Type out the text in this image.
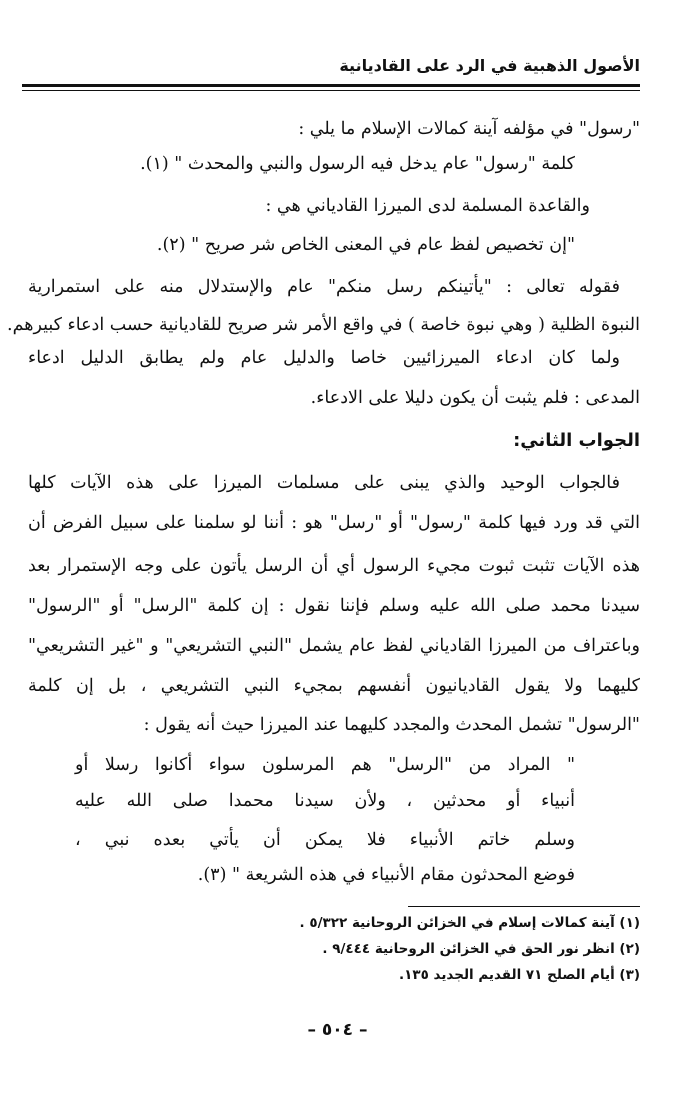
الأصول الذهبية في الرد على القاديانية
"رسول" في مؤلفه آينة كمالات الإسلام ما يلي :
كلمة "رسول" عام يدخل فيه الرسول والنبي والمحدث " (١).
والقاعدة المسلمة لدى الميرزا القادياني هي :
"إن تخصيص لفظ عام في المعنى الخاص شر صريح " (٢).
فقوله تعالى : "يأتينكم رسل منكم" عام والإستدلال منه على استمرارية
النبوة الظلية ( وهي نبوة خاصة ) في واقع الأمر شر صريح للقاديانية حسب ادعاء كبيرهم.
ولما كان ادعاء الميرزائيين خاصا والدليل عام ولم يطابق الدليل ادعاء
المدعى : فلم يثبت أن يكون دليلا على الادعاء.
الجواب الثاني:
فالجواب الوحيد والذي يبنى على مسلمات الميرزا على هذه الآيات كلها
التي قد ورد فيها كلمة "رسول" أو "رسل" هو : أننا لو سلمنا على سبيل الفرض أن
هذه الآيات تثبت ثبوت مجيء الرسول أي أن الرسل يأتون على وجه الإستمرار بعد
سيدنا محمد صلى الله عليه وسلم فإننا نقول : إن كلمة "الرسل" أو "الرسول"
وباعتراف من الميرزا القادياني لفظ عام يشمل "النبي التشريعي" و "غير التشريعي"
كليهما ولا يقول القاديانيون أنفسهم بمجيء النبي التشريعي ، بل إن كلمة
"الرسول" تشمل المحدث والمجدد كليهما عند الميرزا حيث أنه يقول :
" المراد من "الرسل" هم المرسلون سواء أكانوا رسلا أو
أنبياء أو محدثين ، ولأن سيدنا محمدا صلى الله عليه
وسلم خاتم الأنبياء فلا يمكن أن يأتي بعده نبي ،
فوضع المحدثون مقام الأنبياء في هذه الشريعة " (٣).
(١) آينة كمالات إسلام في الخزائن الروحانية ٥/٣٢٢ .
(٢) انظر نور الحق في الخزائن الروحانية ٩/٤٤٤ .
(٣) أيام الصلح ٧١ القديم الجديد ١٣٥.
– ٥٠٤ –
